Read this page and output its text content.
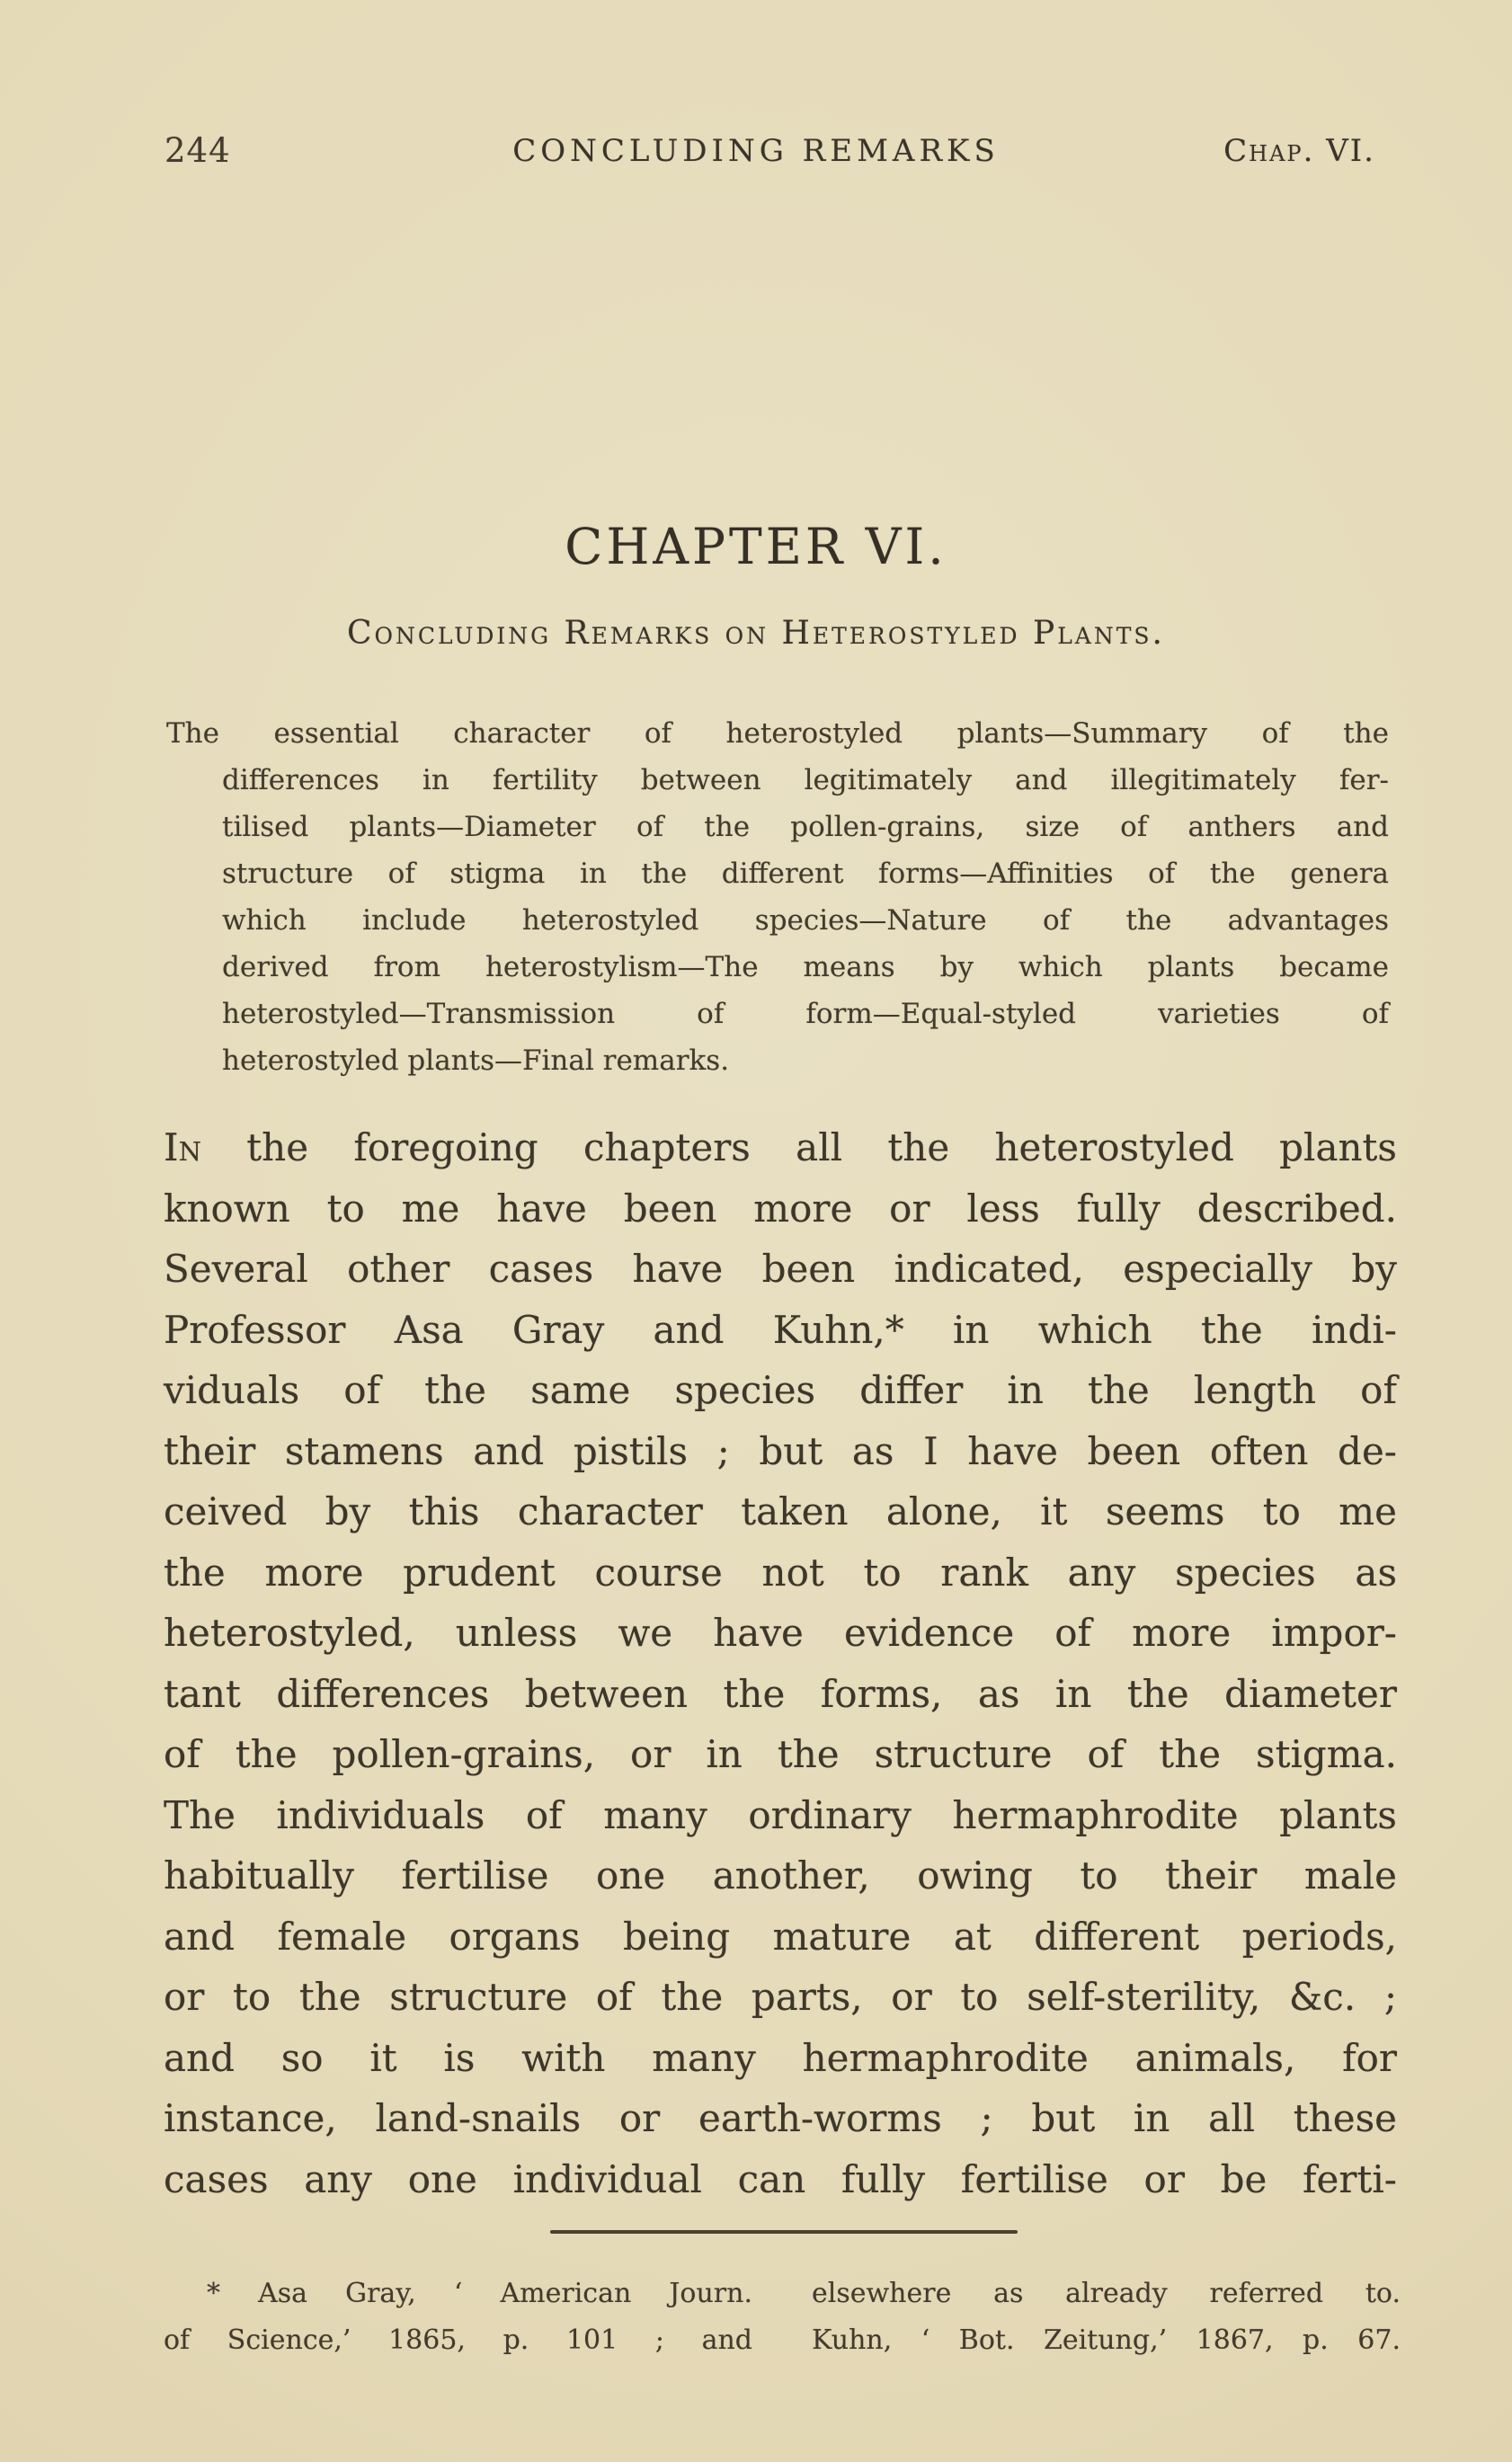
244	CONCLUDING REMARKS	Chap. VI.
CHAPTER VI.
Concluding Remarks on Heterostyled Plants.
The essential character of heterostyled plants—Summary of the
differences in fertility between legitimately and illegitimately fer-
tilised plants—Diameter of the pollen-grains, size of anthers and
structure of stigma in the different forms—Affinities of the genera
which include heterostyled species—Nature of the advantages
derived from heterostylism—The means by which plants became
heterostyled—Transmission of form—Equal-styled varieties of
heterostyled plants—Final remarks.
In the foregoing chapters all the heterostyled plants
known to me have been more or less fully described.
Several other cases have been indicated, especially by
Professor Asa Gray and Kuhn,* in which the indi-
viduals of the same species differ in the length of
their stamens and pistils ; but as I have been often de-
ceived by this character taken alone, it seems to me
the more prudent course not to rank any species as
heterostyled, unless we have evidence of more impor-
tant differences between the forms, as in the diameter
of the pollen-grains, or in the structure of the stigma.
The individuals of many ordinary hermaphrodite plants
habitually fertilise one another, owing to their male
and female organs being mature at different periods,
or to the structure of the parts, or to self-sterility, &c. ;
and so it is with many hermaphrodite animals, for
instance, land-snails or earth-worms ; but in all these
cases any one individual can fully fertilise or be ferti-
* Asa Gray, ‘ American Journ.
of Science,’ 1865, p. 101 ; and
elsewhere as already referred to.
Kuhn, ‘ Bot. Zeitung,’ 1867, p. 67.
